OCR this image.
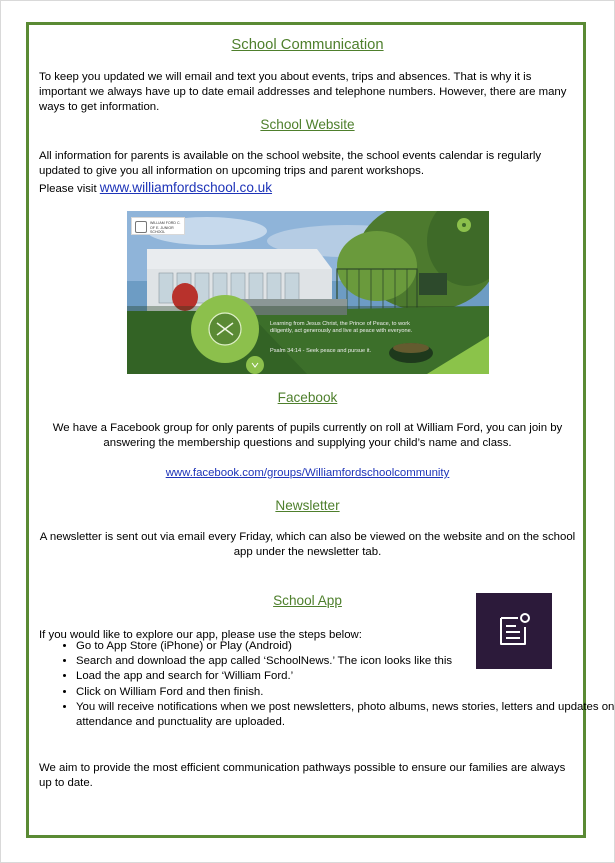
School Communication

To keep you updated we will email and text you about events, trips and absences. That is why it is important we always have up to date email addresses and telephone numbers. However, there are many ways to get information.

School Website

All information for parents is available on the school website, the school events calendar is regularly updated to give you all information on upcoming trips and parent workshops.

Please visit www.williamfordschool.co.uk

WILLIAM FORD C. OF E. JUNIOR SCHOOL
Learning from Jesus Christ, the Prince of Peace, to work diligently, act generously and live at peace with everyone.
Psalm 34:14 - Seek peace and pursue it.

Facebook

We have a Facebook group for only parents of pupils currently on roll at William Ford, you can join by answering the membership questions and supplying your child’s name and class.

www.facebook.com/groups/Williamfordschoolcommunity

Newsletter

A newsletter is sent out via email every Friday, which can also be viewed on the website and on the school app under the newsletter tab.

School App

If you would like to explore our app, please use the steps below:

• Go to App Store (iPhone) or Play (Android)
• Search and download the app called ‘SchoolNews.’ The icon looks like this
• Load the app and search for ‘William Ford.’
• Click on William Ford and then finish.
• You will receive notifications when we post newsletters, photo albums, news stories, letters and updates on attendance and punctuality are uploaded.

We aim to provide the most efficient communication pathways possible to ensure our families are always up to date.
